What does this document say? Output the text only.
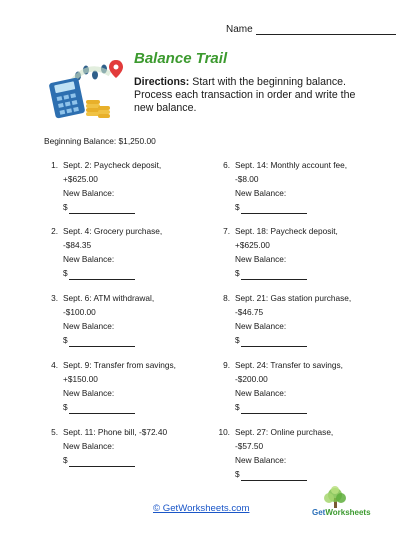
Name
Balance Trail
Directions: Start with the beginning balance. Process each transaction in order and write the new balance.
Beginning Balance: $1,250.00
1. Sept. 2: Paycheck deposit, +$625.00
New Balance:
$
2. Sept. 4: Grocery purchase, -$84.35
New Balance:
$
3. Sept. 6: ATM withdrawal, -$100.00
New Balance:
$
4. Sept. 9: Transfer from savings, +$150.00
New Balance:
$
5. Sept. 11: Phone bill, -$72.40
New Balance:
$
6. Sept. 14: Monthly account fee, -$8.00
New Balance:
$
7. Sept. 18: Paycheck deposit, +$625.00
New Balance:
$
8. Sept. 21: Gas station purchase, -$46.75
New Balance:
$
9. Sept. 24: Transfer to savings, -$200.00
New Balance:
$
10. Sept. 27: Online purchase, -$57.50
New Balance:
$
© GetWorksheets.com	GetWorksheets
